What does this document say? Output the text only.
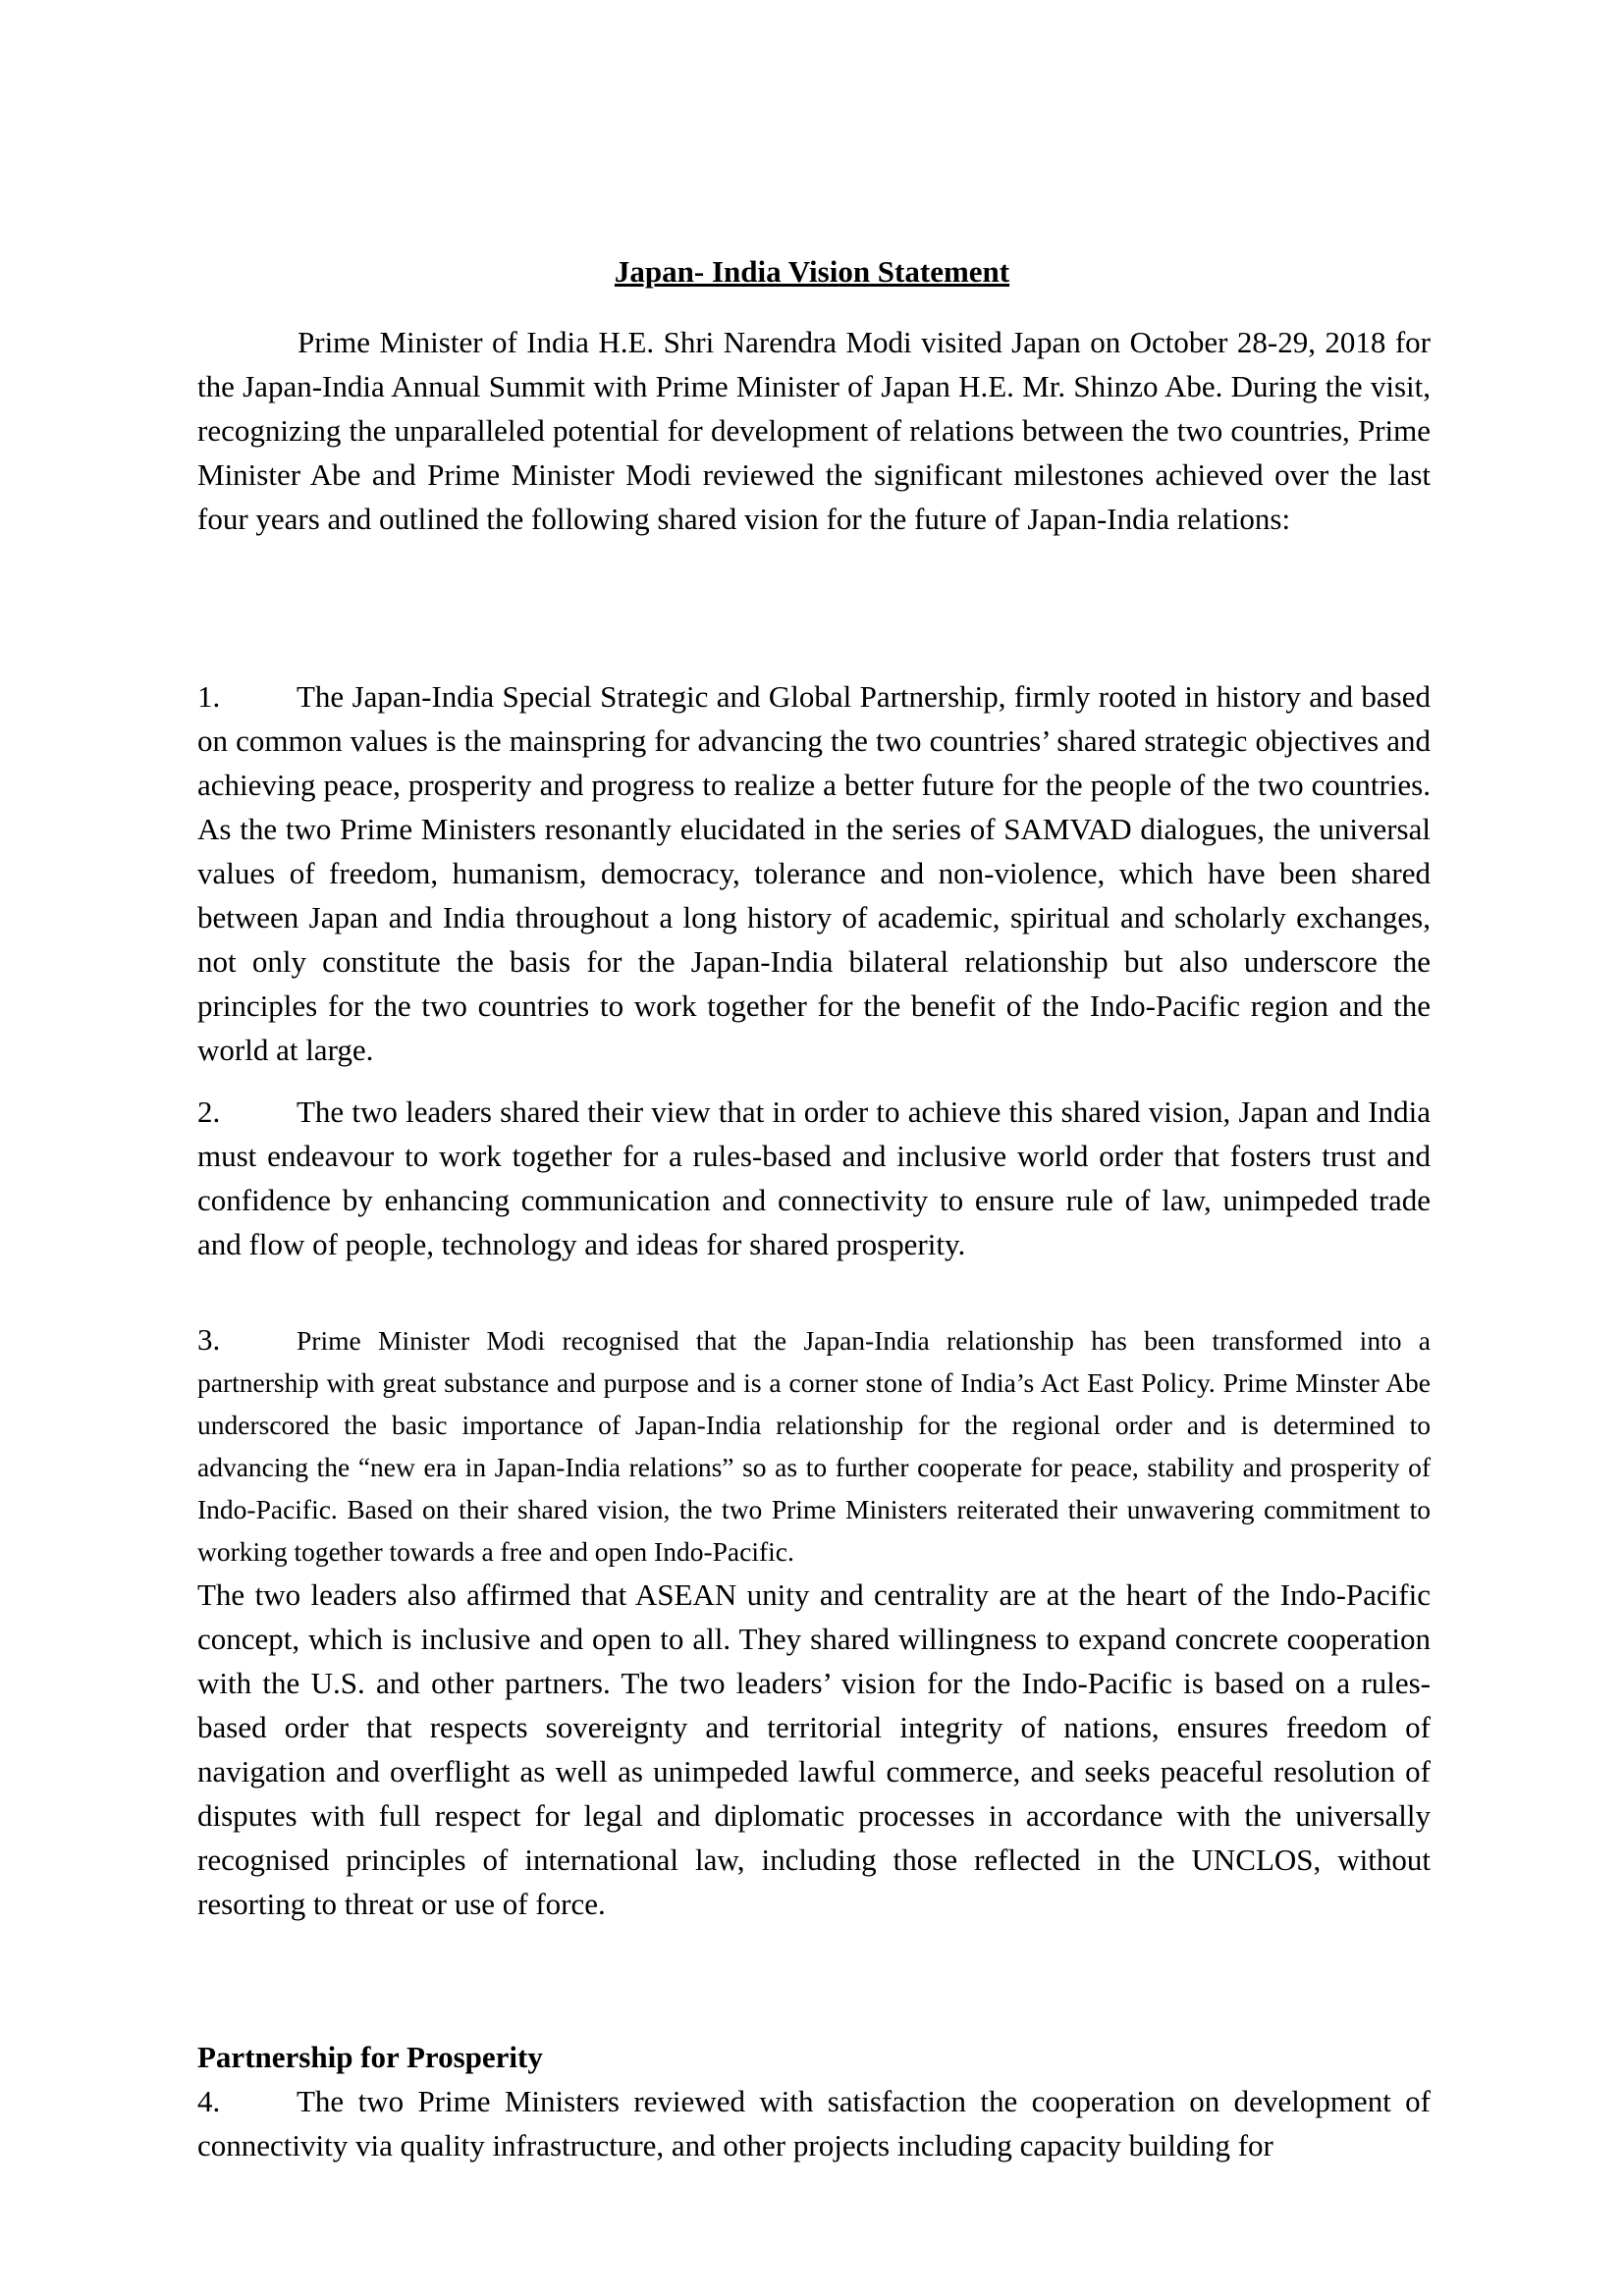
Japan- India Vision Statement

Prime Minister of India H.E. Shri Narendra Modi visited Japan on October 28-29, 2018 for the Japan-India Annual Summit with Prime Minister of Japan H.E. Mr. Shinzo Abe. During the visit, recognizing the unparalleled potential for development of relations between the two countries, Prime Minister Abe and Prime Minister Modi reviewed the significant milestones achieved over the last four years and outlined the following shared vision for the future of Japan-India relations:

1.	The Japan-India Special Strategic and Global Partnership, firmly rooted in history and based on common values is the mainspring for advancing the two countries’ shared strategic objectives and achieving peace, prosperity and progress to realize a better future for the people of the two countries. As the two Prime Ministers resonantly elucidated in the series of SAMVAD dialogues, the universal values of freedom, humanism, democracy, tolerance and non-violence, which have been shared between Japan and India throughout a long history of academic, spiritual and scholarly exchanges, not only constitute the basis for the Japan-India bilateral relationship but also underscore the principles for the two countries to work together for the benefit of the Indo-Pacific region and the world at large.

2.	The two leaders shared their view that in order to achieve this shared vision, Japan and India must endeavour to work together for a rules-based and inclusive world order that fosters trust and confidence by enhancing communication and connectivity to ensure rule of law, unimpeded trade and flow of people, technology and ideas for shared prosperity.

3.	Prime Minister Modi recognised that the Japan-India relationship has been transformed into a partnership with great substance and purpose and is a corner stone of India’s Act East Policy. Prime Minster Abe underscored the basic importance of Japan-India relationship for the regional order and is determined to advancing the “new era in Japan-India relations” so as to further cooperate for peace, stability and prosperity of Indo-Pacific. Based on their shared vision, the two Prime Ministers reiterated their unwavering commitment to working together towards a free and open Indo-Pacific.

The two leaders also affirmed that ASEAN unity and centrality are at the heart of the Indo-Pacific concept, which is inclusive and open to all. They shared willingness to expand concrete cooperation with the U.S. and other partners. The two leaders’ vision for the Indo-Pacific is based on a rules-based order that respects sovereignty and territorial integrity of nations, ensures freedom of navigation and overflight as well as unimpeded lawful commerce, and seeks peaceful resolution of disputes with full respect for legal and diplomatic processes in accordance with the universally recognised principles of international law, including those reflected in the UNCLOS, without resorting to threat or use of force.

Partnership for Prosperity

4.	The two Prime Ministers reviewed with satisfaction the cooperation on development of connectivity via quality infrastructure, and other projects including capacity building for
